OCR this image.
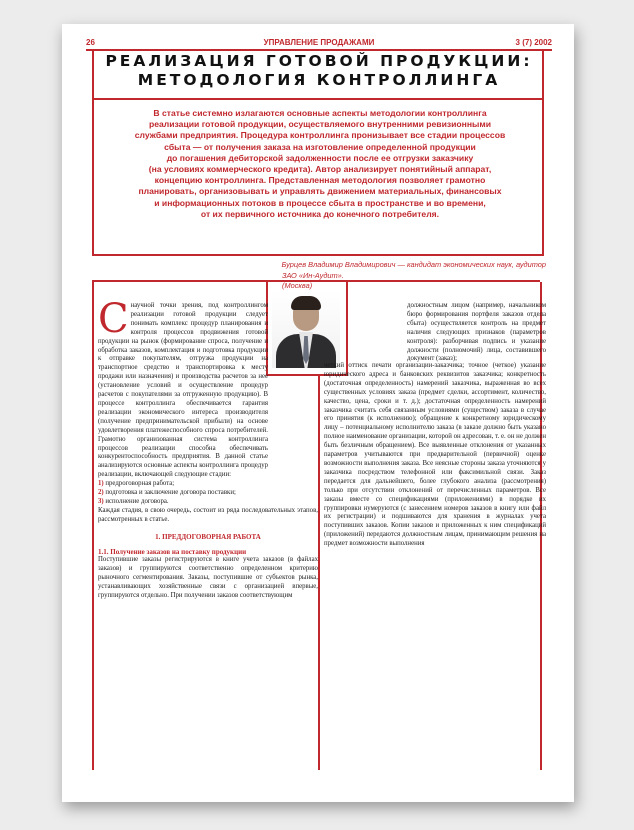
26	УПРАВЛЕНИЕ ПРОДАЖАМИ	3 (7) 2002
РЕАЛИЗАЦИЯ ГОТОВОЙ ПРОДУКЦИИ:
МЕТОДОЛОГИЯ КОНТРОЛЛИНГА
В статье системно излагаются основные аспекты методологии контроллинга
реализации готовой продукции, осуществляемого внутренними ревизионными
службами предприятия. Процедура контроллинга пронизывает все стадии процессов
сбыта — от получения заказа на изготовление определенной продукции
до погашения дебиторской задолженности после ее отгрузки заказчику
(на условиях коммерческого кредита). Автор анализирует понятийный аппарат,
концепцию контроллинга. Представленная методология позволяет грамотно
планировать, организовывать и управлять движением материальных, финансовых
и информационных потоков в процессе сбыта в пространстве и во времени,
от их первичного источника до конечного потребителя.
Бурцев Владимир Владимирович — кандидат экономических наук, аудитор
ЗАО «Ин-Аудит».
(Москва)
С научной точки зрения, под контроллингом реализации готовой продукции следует понимать комплекс процедур планирования и контроля процессов продвижения готовой продукции на рынок (формирование спроса, получение и обработка заказов, комплектация и подготовка продукции к отправке покупателям, отгрузка продукции на транспортное средство и транспортировка к месту продажи или назначения) и производства расчетов за нее (установление условий и осуществление процедур расчетов с покупателями за отгруженную продукцию). В процессе контроллинга обеспечивается гарантия реализации экономического интереса производителя (получение предпринимательской прибыли) на основе удовлетворения платежеспособного спроса потребителей. Грамотно организованная система контроллинга процессов реализации способна обеспечивать конкурентоспособность предприятия. В данной статье анализируются основные аспекты контроллинга процедур реализации, включающей следующие стадии:

1) предроговорная работа;

2) подготовка и заключение договора поставки;

3) исполнение договора.

Каждая стадия, в свою очередь, состоит из ряда последовательных этапов, рассмотренных в статье.

1. ПРЕДДОГОВОРНАЯ РАБОТА
1.1. Получение заказов на поставку продукции

Поступившие заказы регистрируются в книге учета заказов (в файлах заказов) и группируются соответственно определенном критерию рыночного сегментирования. Заказы, поступившие от субъектов рынка, устанавливающих хозяйственные связи с организацией впервые, группируются отдельно. При получении заказов соответствующим

должностным лицом (например, начальником бюро формирования портфеля заказов отдела сбыта) осуществляется контроль на предмет наличия следующих признаков (параметров контроля): разборчивая подпись и указание должности (полномочий) лица, составившего документ (заказ);

четкий оттиск печати организации-заказчика; точное (четкое) указание юридического адреса и банковских реквизитов заказчика; конкретность (достаточная определенность) намерений заказчика, выраженная во всех существенных условиях заказа (предмет сделки, ассортимент, количество, качество, цена, сроки и т. д.); достаточная определенность намерений заказчика считать себя связанным условиями (существом) заказа в случае его принятия (к исполнению); обращение к конкретному юридическому лицу – потенциальному исполнителю заказа (в заказе должно быть указано полное наименование организации, которой он адресован, т. е. он не должен быть безличным обращением). Все выявленные отклонения от указанных параметров учитываются при предварительной (первичной) оценке возможности выполнения заказа. Все неясные стороны заказа уточняются у заказчика посредством телефонной или факсимильной связи. Заказ передается для дальнейшего, более глубокого анализа (рассмотрения) только при отсутствии отклонений от перечисленных параметров. Все заказы вместе со спецификациями (приложениями) в порядке их группировки нумеруются (с занесением номеров заказов в книгу или файл их регистрации) и подшиваются для хранения в журналах учета поступивших заказов. Копии заказов и приложенных к ним спецификаций (приложений) передаются должностным лицам, принимающим решения на предмет возможности выполнения
